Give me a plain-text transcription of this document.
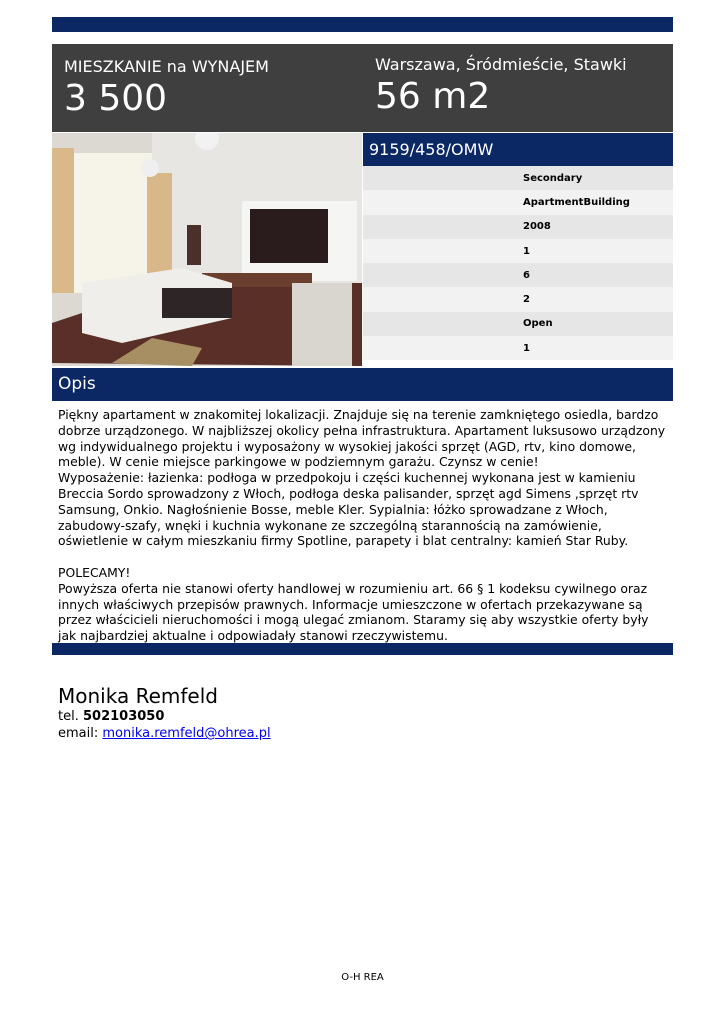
MIESZKANIE na WYNAJEM
3 500
Warszawa, Śródmieście, Stawki
56 m2
9159/458/OMW
Secondary
ApartmentBuilding
2008
1
6
2
Open
1
Opis
Piękny apartament w znakomitej lokalizacji. Znajduje się na terenie zamkniętego osiedla, bardzo dobrze urządzonego. W najbliższej okolicy pełna infrastruktura. Apartament luksusowo urządzony wg indywidualnego projektu i wyposażony w wysokiej jakości sprzęt (AGD, rtv, kino domowe, meble). W cenie miejsce parkingowe w podziemnym garażu. Czynsz w cenie!
Wyposażenie: łazienka: podłoga w przedpokoju i części kuchennej wykonana jest w kamieniu Breccia Sordo sprowadzony z Włoch, podłoga deska palisander, sprzęt agd Simens ,sprzęt rtv Samsung, Onkio. Nagłośnienie Bosse, meble Kler. Sypialnia: łóżko sprowadzane z Włoch, zabudowy-szafy, wnęki i kuchnia wykonane ze szczególną starannością na zamówienie, oświetlenie w całym mieszkaniu firmy Spotline, parapety i blat centralny: kamień Star Ruby.

POLECAMY!
Powyższa oferta nie stanowi oferty handlowej w rozumieniu art. 66 § 1 kodeksu cywilnego oraz innych właściwych przepisów prawnych. Informacje umieszczone w ofertach przekazywane są przez właścicieli nieruchomości i mogą ulegać zmianom. Staramy się aby wszystkie oferty były jak najbardziej aktualne i odpowiadały stanowi rzeczywistemu.
Monika Remfeld
tel. 502103050
email: monika.remfeld@ohrea.pl
O-H REA
